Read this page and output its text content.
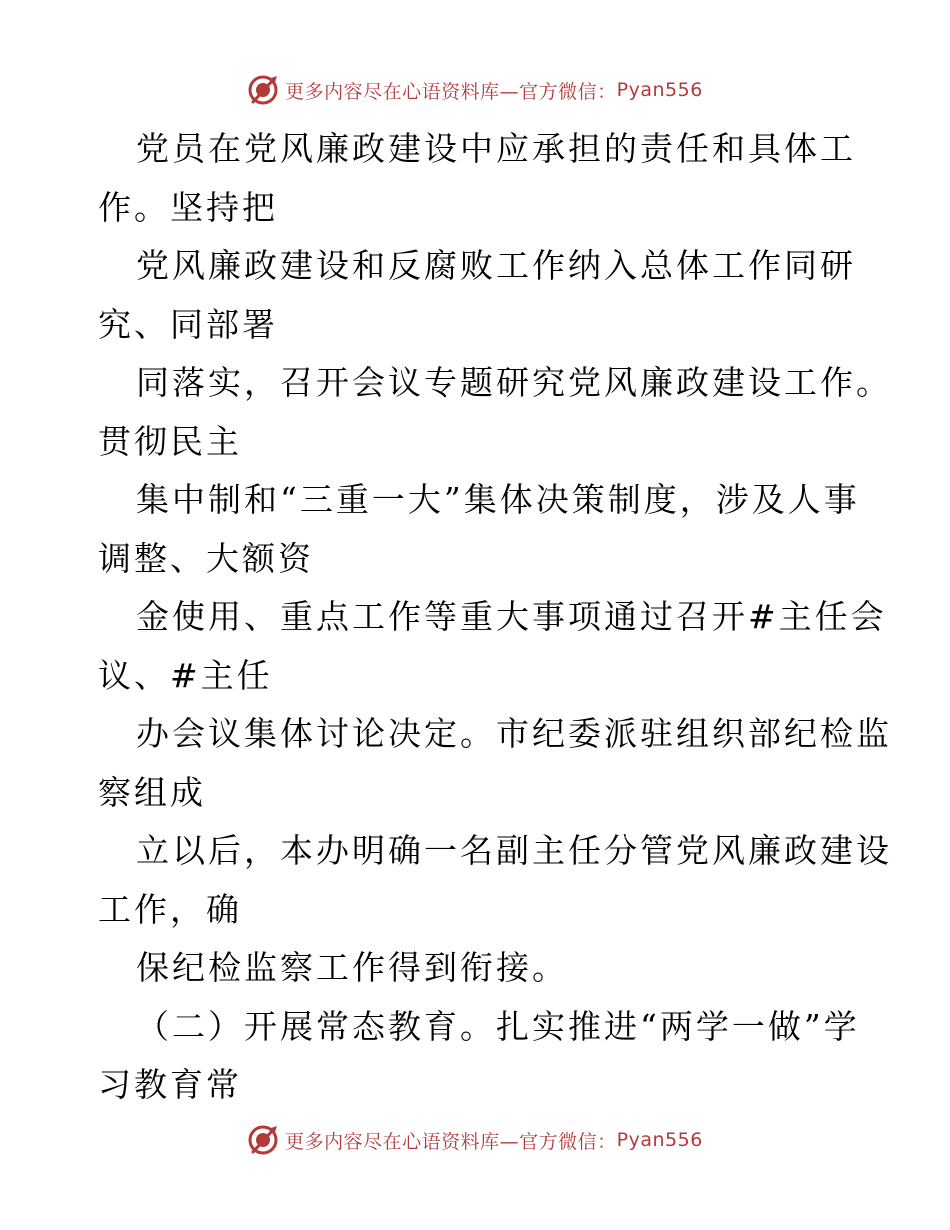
更多内容尽在心语资料库—官方微信： Pyan556

党员在党风廉政建设中应承担的责任和具体工

作。坚持把

党风廉政建设和反腐败工作纳入总体工作同研

究、同部署

同落实，召开会议专题研究党风廉政建设工作。

贯彻民主

集中制和“三重一大”集体决策制度，涉及人事

调整、大额资

金使用、重点工作等重大事项通过召开#主任会

议、#主任

办会议集体讨论决定。市纪委派驻组织部纪检监

察组成

立以后，本办明确一名副主任分管党风廉政建设

工作，确

保纪检监察工作得到衔接。

（二）开展常态教育。扎实推进“两学一做”学

习教育常

更多内容尽在心语资料库—官方微信： Pyan556
